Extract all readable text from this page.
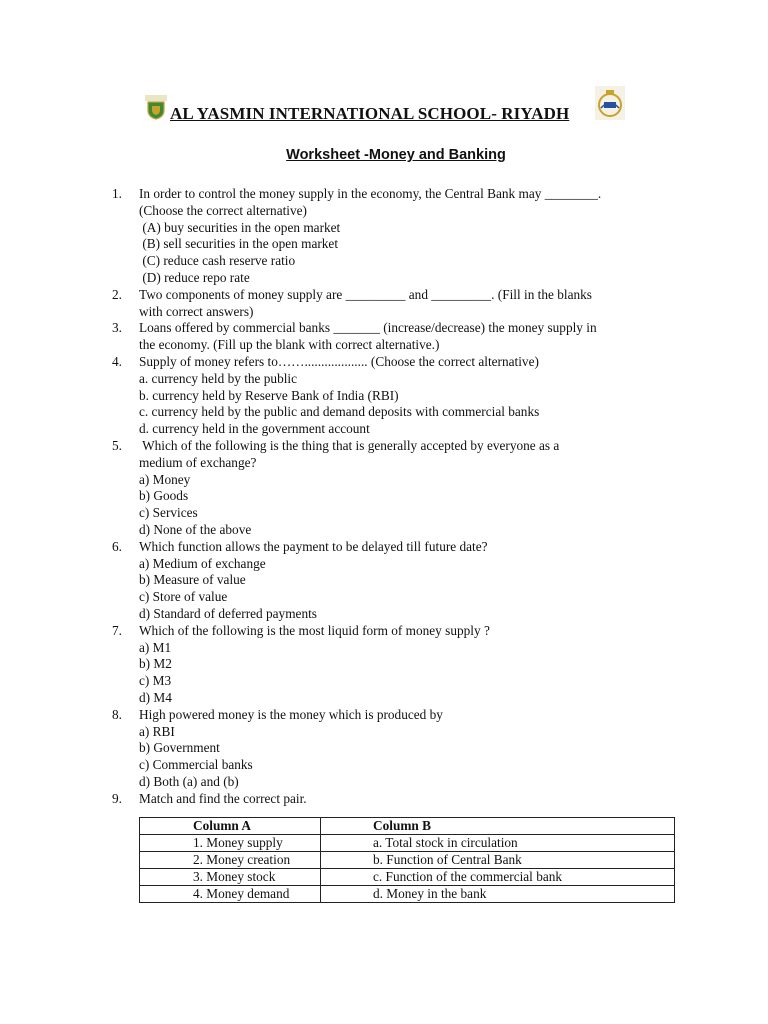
AL YASMIN INTERNATIONAL SCHOOL- RIYADH
Worksheet -Money and Banking
1.	In order to control the money supply in the economy, the Central Bank may ________.
(Choose the correct alternative)
(A) buy securities in the open market
(B) sell securities in the open market
(C) reduce cash reserve ratio
(D) reduce repo rate
2.	Two components of money supply are _________ and _________. (Fill in the blanks
with correct answers)
3.	Loans offered by commercial banks _______ (increase/decrease) the money supply in
the economy. (Fill up the blank with correct alternative.)
4.	Supply of money refers to……................... (Choose the correct alternative)
a. currency held by the public
b. currency held by Reserve Bank of India (RBI)
c. currency held by the public and demand deposits with commercial banks
d. currency held in the government account
5.	Which of the following is the thing that is generally accepted by everyone as a
medium of exchange?
a) Money
b) Goods
c) Services
d) None of the above
6.	Which function allows the payment to be delayed till future date?
a) Medium of exchange
b) Measure of value
c) Store of value
d) Standard of deferred payments
7.	Which of the following is the most liquid form of money supply ?
a) M1
b) M2
c) M3
d) M4
8.	High powered money is the money which is produced by
a) RBI
b) Government
c) Commercial banks
d) Both (a) and (b)
9.	Match and find the correct pair.
Column A	Column B
1. Money supply	a. Total stock in circulation
2. Money creation	b. Function of Central Bank
3. Money stock	c. Function of the commercial bank
4. Money demand	d. Money in the bank
